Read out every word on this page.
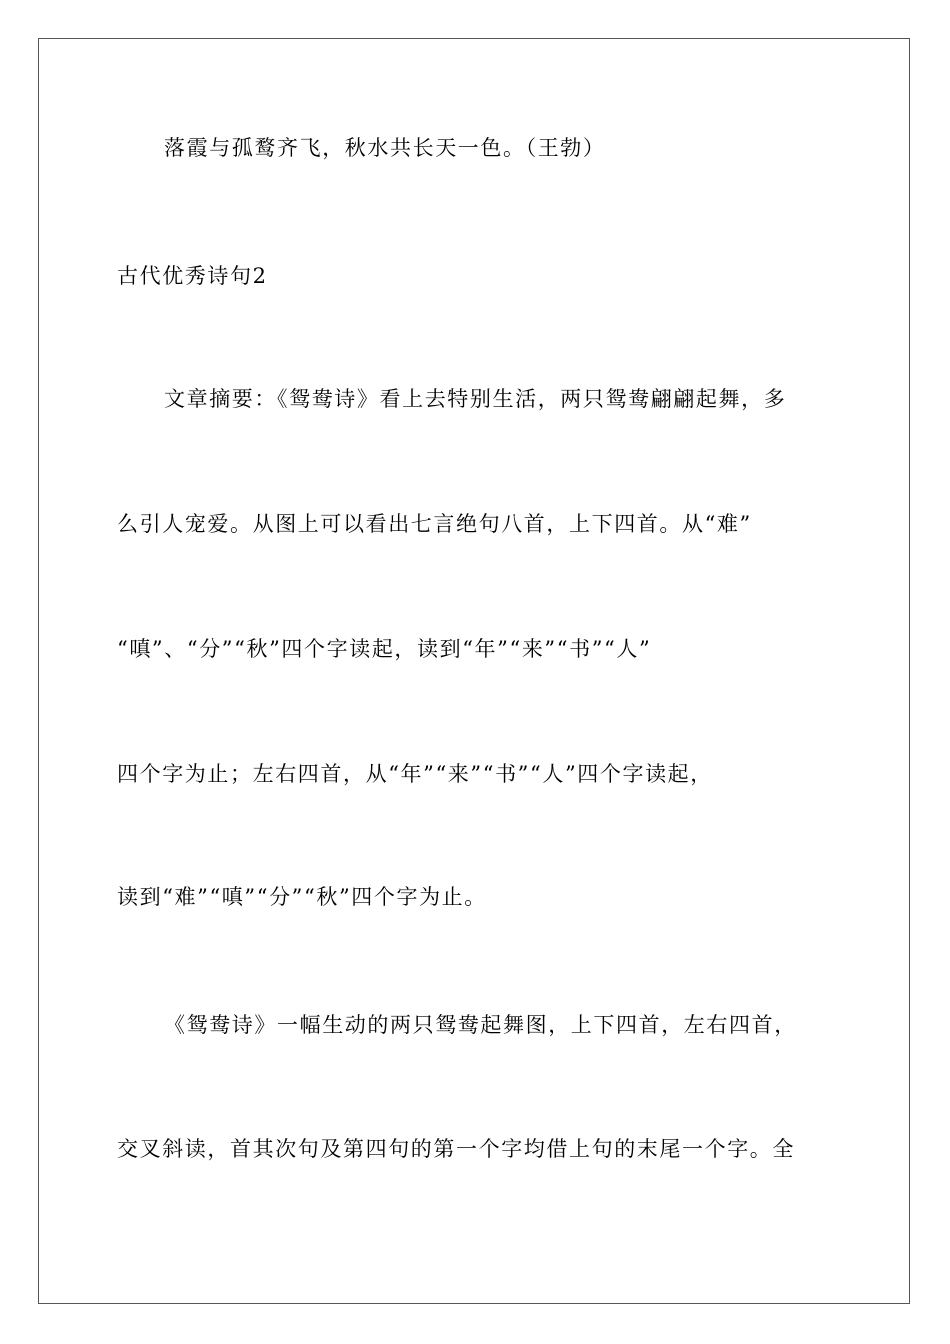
落霞与孤鹜齐飞，秋水共长天一色。（王勃）
古代优秀诗句2
文章摘要：《鸳鸯诗》看上去特别生活，两只鸳鸯翩翩起舞，多
么引人宠爱。从图上可以看出七言绝句八首，上下四首。从“难”
“嗔”、“分”“秋”四个字读起，读到“年”“来”“书”“人”
四个字为止；左右四首，从“年”“来”“书”“人”四个字读起，
读到“难”“嗔”“分”“秋”四个字为止。
《鸳鸯诗》一幅生动的两只鸳鸯起舞图，上下四首，左右四首，
交叉斜读，首其次句及第四句的第一个字均借上句的末尾一个字。全
